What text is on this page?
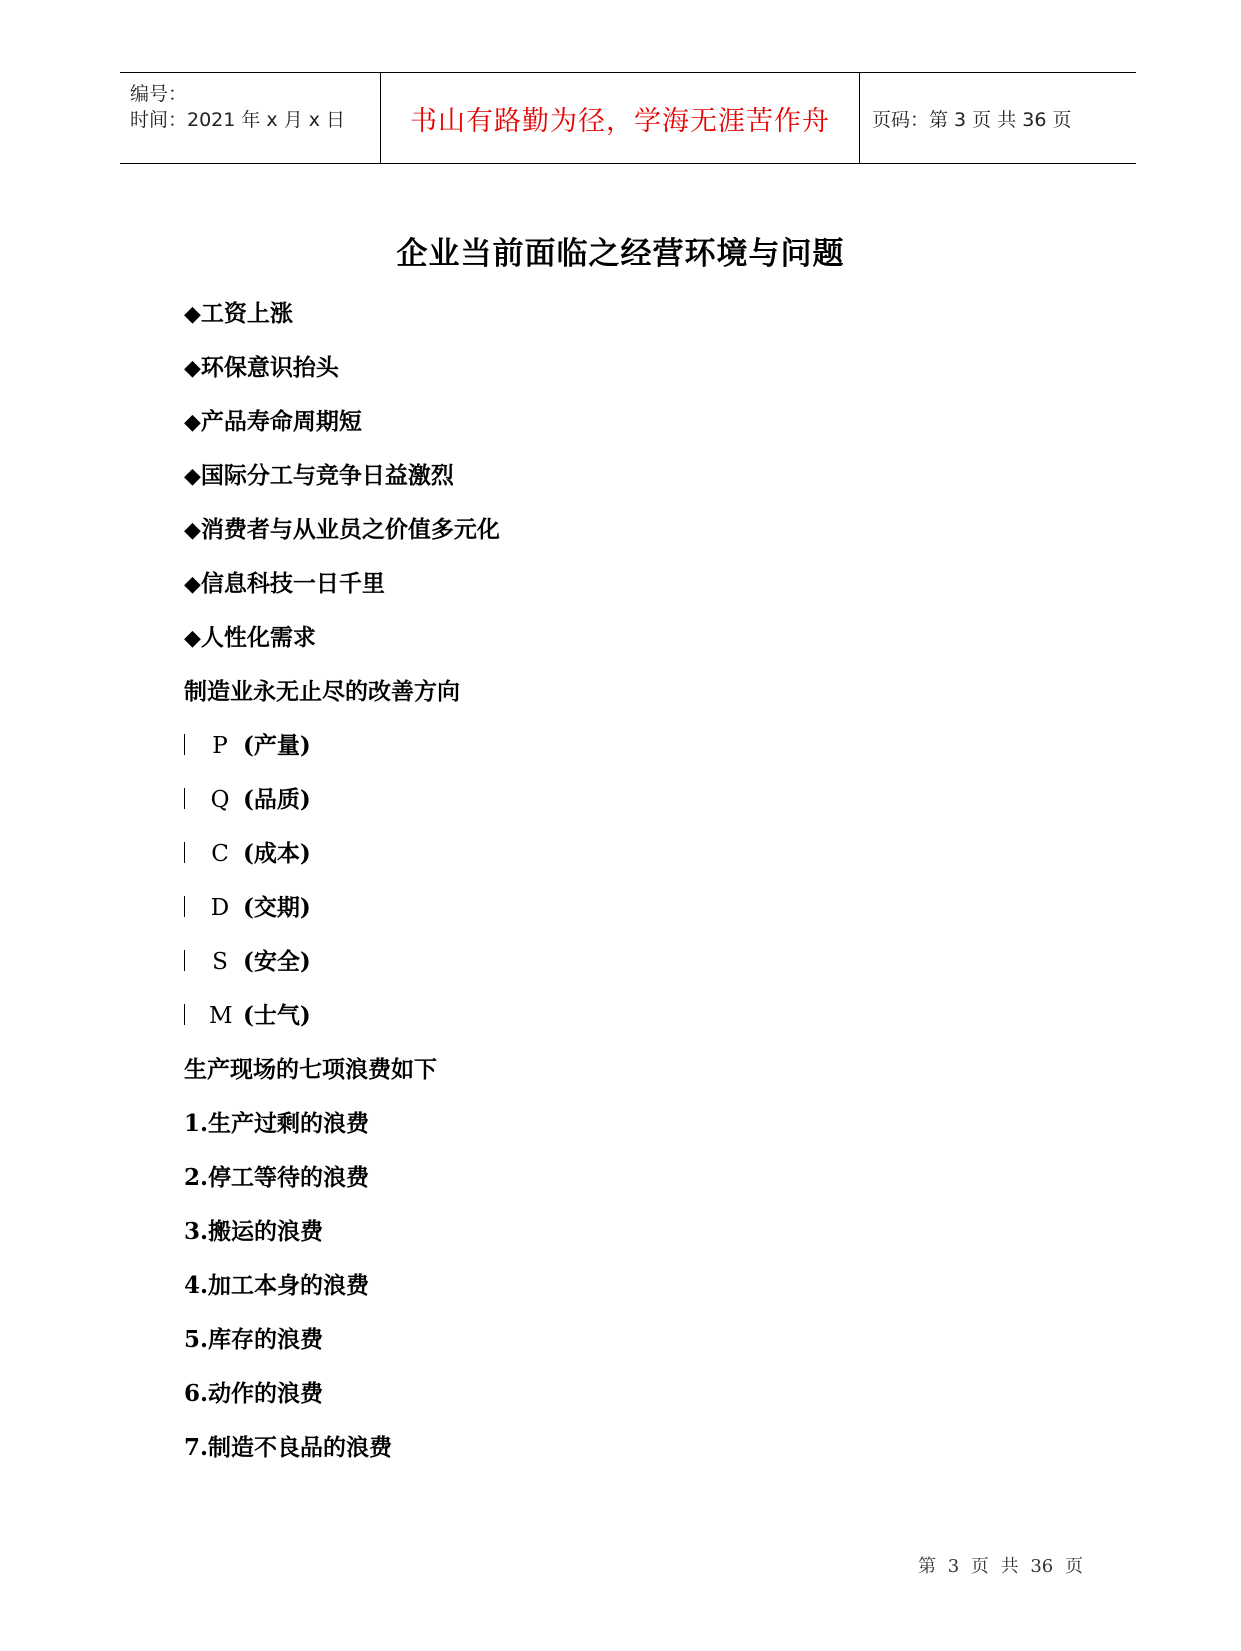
编号：
时间：2021 年 x 月 x 日 书山有路勤为径，学海无涯苦作舟 页码：第 3 页 共 36 页
企业当前面临之经营环境与问题
◆工资上涨
◆环保意识抬头
◆产品寿命周期短
◆国际分工与竞争日益激烈
◆消费者与从业员之价值多元化
◆信息科技一日千里
◆人性化需求
制造业永无止尽的改善方向
P (产量)
Q (品质)
C (成本)
D (交期)
S (安全)
M (士气)
生产现场的七项浪费如下
1.生产过剩的浪费
2.停工等待的浪费
3.搬运的浪费
4.加工本身的浪费
5.库存的浪费
6.动作的浪费
7.制造不良品的浪费
第 3 页 共 36 页
